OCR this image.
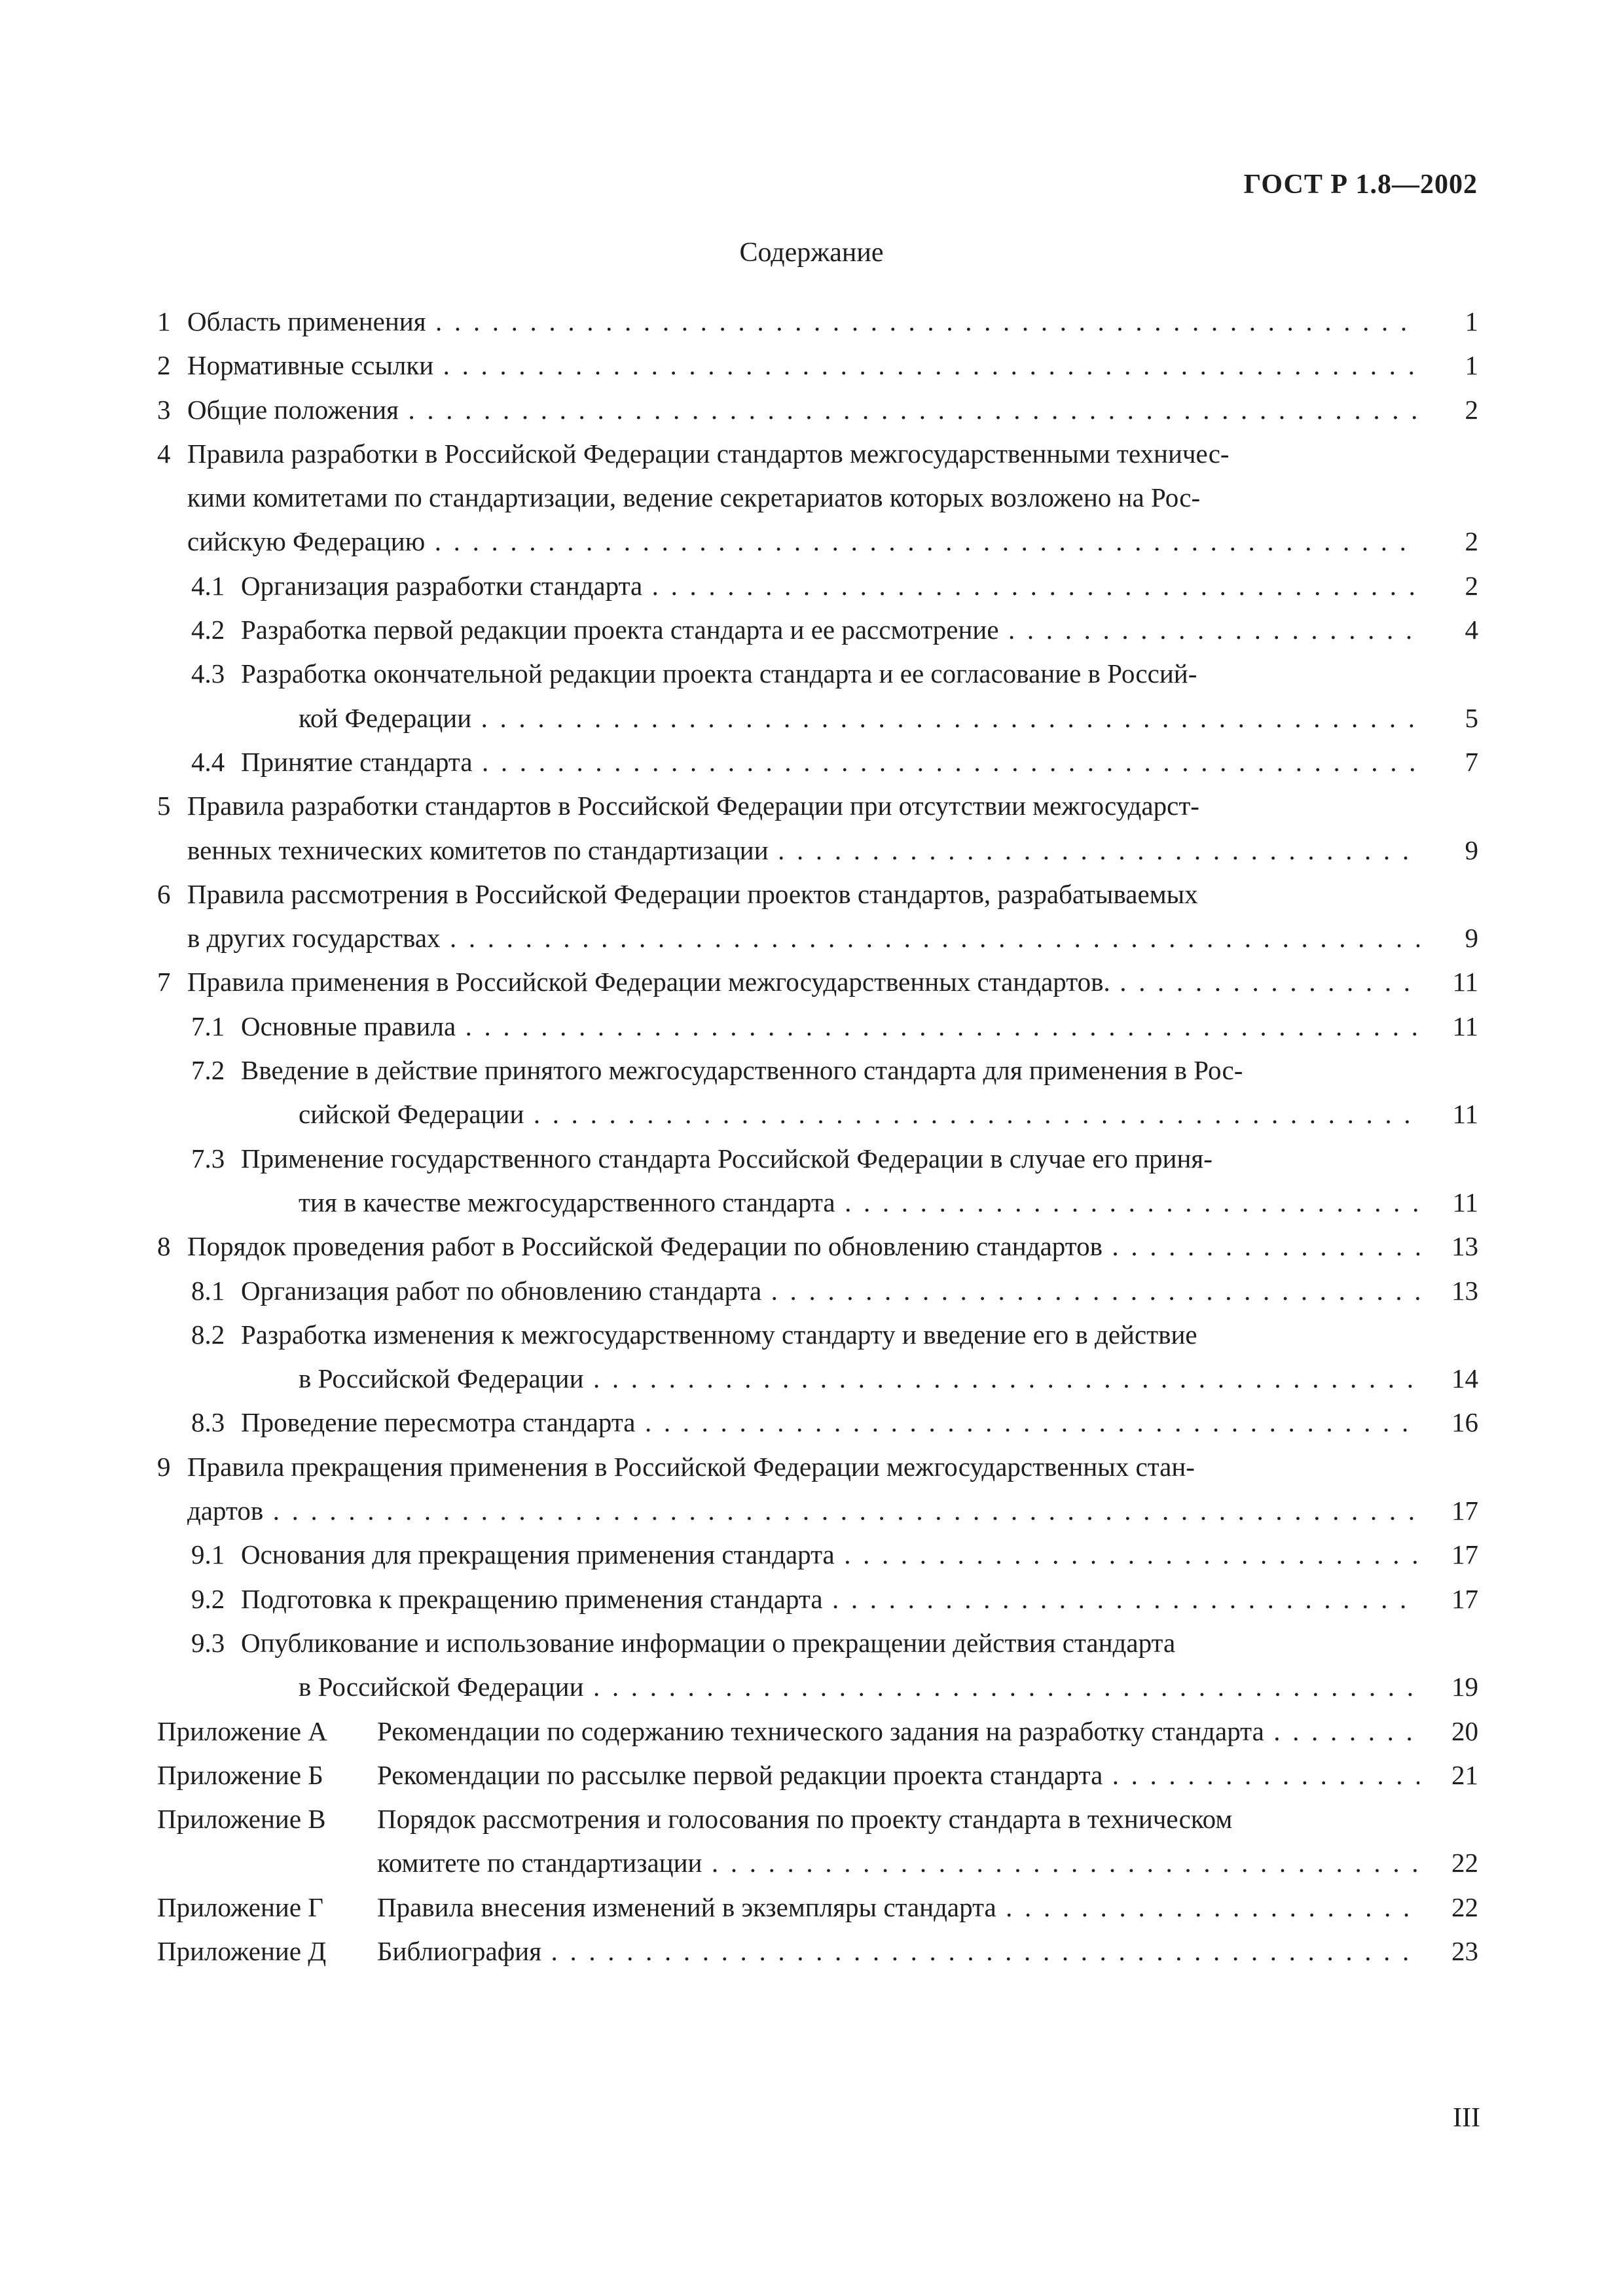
ГОСТ Р 1.8—2002
Содержание
1 Область применения . . .	1
2 Нормативные ссылки . . .	1
3 Общие положения . . .	2
4 Правила разработки в Российской Федерации стандартов межгосударственными техничес-
кими комитетами по стандартизации, ведение секретариатов которых возложено на Рос-
сийскую Федерацию . . .	2
4.1 Организация разработки стандарта . . .	2
4.2 Разработка первой редакции проекта стандарта и ее рассмотрение . . .	4
4.3 Разработка окончательной редакции проекта стандарта и ее согласование в Россий-
кой Федерации . . .	5
4.4 Принятие стандарта . . .	7
5 Правила разработки стандартов в Российской Федерации при отсутствии межгосударст-
венных технических комитетов по стандартизации . . .	9
6 Правила рассмотрения в Российской Федерации проектов стандартов, разрабатываемых
в других государствах . . .	9
7 Правила применения в Российской Федерации межгосударственных стандартов. . . .	11
7.1 Основные правила . . .	11
7.2 Введение в действие принятого межгосударственного стандарта для применения в Рос-
сийской Федерации . . .	11
7.3 Применение государственного стандарта Российской Федерации в случае его приня-
тия в качестве межгосударственного стандарта . . .	11
8 Порядок проведения работ в Российской Федерации по обновлению стандартов . . .	13
8.1 Организация работ по обновлению стандарта . . .	13
8.2 Разработка изменения к межгосударственному стандарту и введение его в действие
в Российской Федерации . . .	14
8.3 Проведение пересмотра стандарта . . .	16
9 Правила прекращения применения в Российской Федерации межгосударственных стан-
дартов . . .	17
9.1 Основания для прекращения применения стандарта . . .	17
9.2 Подготовка к прекращению применения стандарта . . .	17
9.3 Опубликование и использование информации о прекращении действия стандарта
в Российской Федерации . . .	19
Приложение А Рекомендации по содержанию технического задания на разработку стандарта . . .	20
Приложение Б Рекомендации по рассылке первой редакции проекта стандарта . . .	21
Приложение В Порядок рассмотрения и голосования по проекту стандарта в техническом
комитете по стандартизации . . .	22
Приложение Г Правила внесения изменений в экземпляры стандарта . . .	22
Приложение Д Библиография . . .	23
III
